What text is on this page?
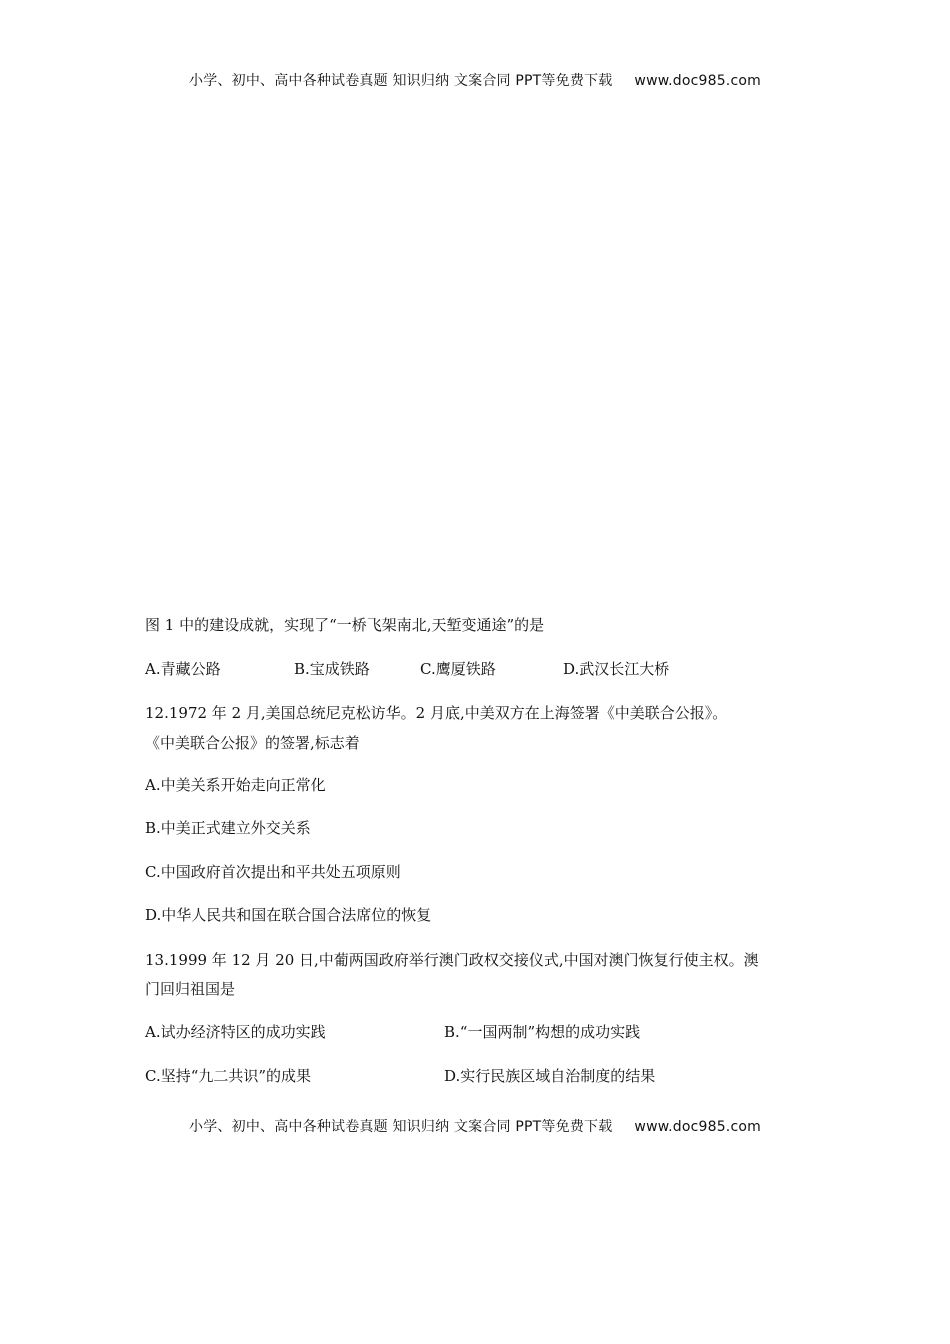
小学、初中、高中各种试卷真题 知识归纳 文案合同 PPT等免费下载 www.doc985.com
图 1 中的建设成就，实现了“一桥飞架南北,天堑变通途”的是
A.青藏公路	B.宝成铁路	C.鹰厦铁路	D.武汉长江大桥
12.1972 年 2 月,美国总统尼克松访华。2 月底,中美双方在上海签署《中美联合公报》。
《中美联合公报》的签署,标志着
A.中美关系开始走向正常化
B.中美正式建立外交关系
C.中国政府首次提出和平共处五项原则
D.中华人民共和国在联合国合法席位的恢复
13.1999 年 12 月 20 日,中葡两国政府举行澳门政权交接仪式,中国对澳门恢复行使主权。澳
门回归祖国是
A.试办经济特区的成功实践	B.“一国两制”构想的成功实践
C.坚持“九二共识”的成果	D.实行民族区域自治制度的结果
小学、初中、高中各种试卷真题 知识归纳 文案合同 PPT等免费下载 www.doc985.com
